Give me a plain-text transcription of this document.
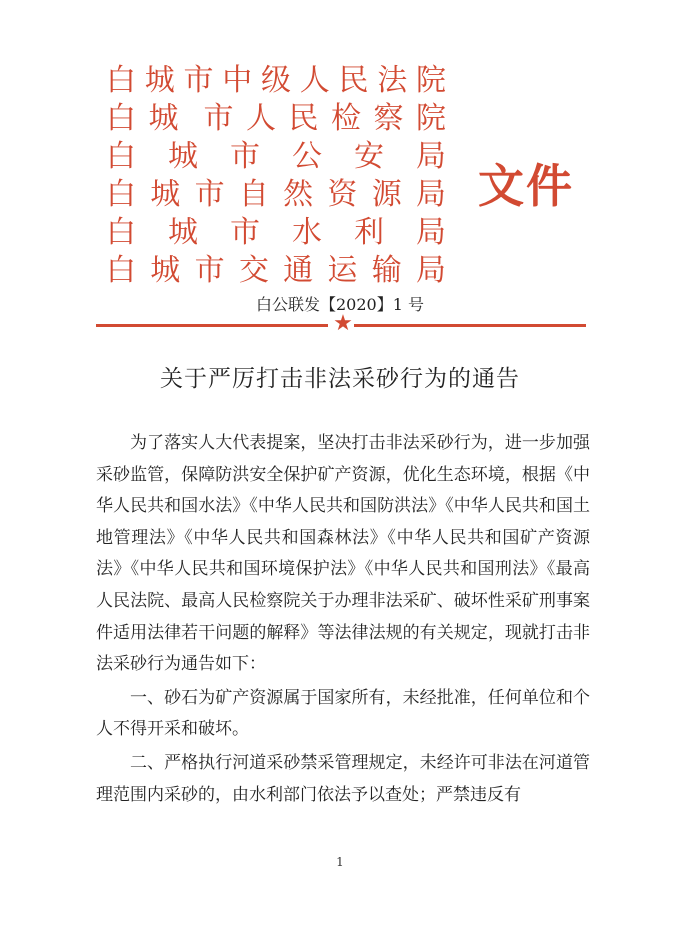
白 城 市 中 级 人 民 法 院
白 城 市 人 民 检 察 院
白 城 市 公 安 局
白 城 市 自 然 资 源 局
白 城 市 水 利 局
白 城 市 交 通 运 输 局
文件
白公联发【2020】1 号
★
关于严厉打击非法采砂行为的通告

为了落实人大代表提案，坚决打击非法采砂行为，进一步加强采砂监管，保障防洪安全保护矿产资源，优化生态环境，根据《中华人民共和国水法》《中华人民共和国防洪法》《中华人民共和国土地管理法》《中华人民共和国森林法》《中华人民共和国矿产资源法》《中华人民共和国环境保护法》《中华人民共和国刑法》《最高人民法院、最高人民检察院关于办理非法采矿、破坏性采矿刑事案件适用法律若干问题的解释》等法律法规的有关规定，现就打击非法采砂行为通告如下：

一、砂石为矿产资源属于国家所有，未经批准，任何单位和个人不得开采和破坏。

二、严格执行河道采砂禁采管理规定，未经许可非法在河道管理范围内采砂的，由水利部门依法予以查处；严禁违反有

1
